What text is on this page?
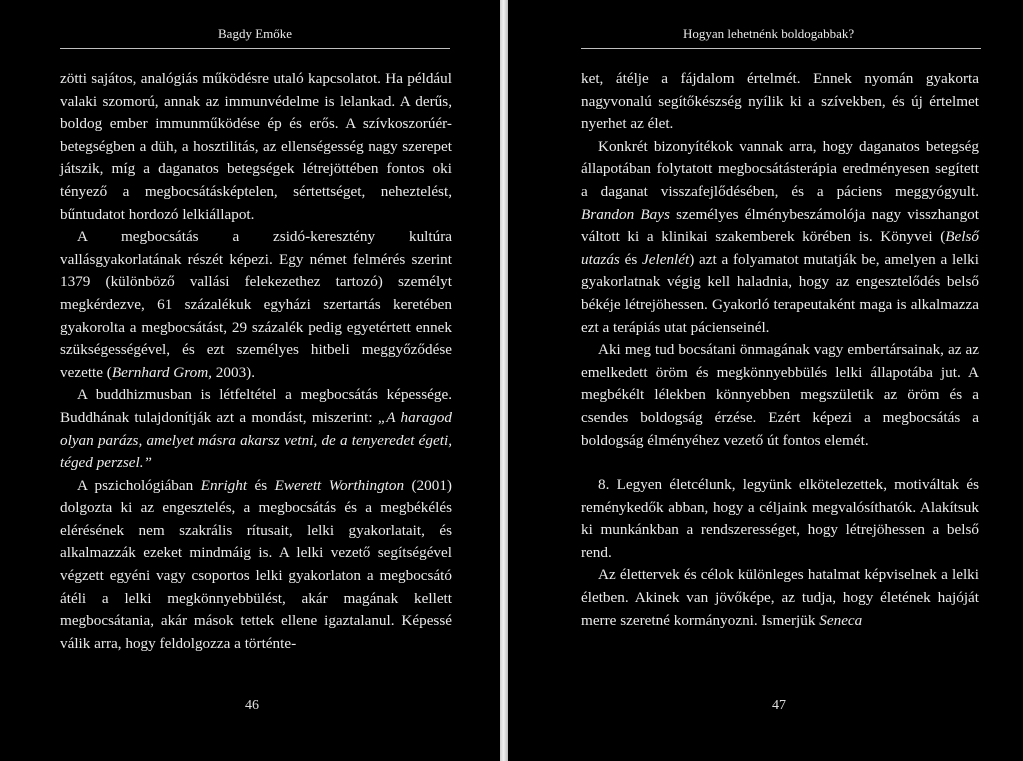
Bagdy Emőke

zötti sajátos, analógiás működésre utaló kapcsolatot. Ha például valaki szomorú, annak az immunvédelme is lelankad. A derűs, boldog ember immunműködése ép és erős. A szívkoszorúér-betegségben a düh, a hosztilitás, az ellenségesség nagy szerepet játszik, míg a daganatos betegségek létrejöttében fontos oki tényező a megbocsátásképtelen, sértettséget, neheztelést, bűntudatot hordozó lelkiállapot.

A megbocsátás a zsidó-keresztény kultúra vallásgyakorlatának részét képezi. Egy német felmérés szerint 1379 (különböző vallási felekezethez tartozó) személyt megkérdezve, 61 százalékuk egyházi szertartás keretében gyakorolta a megbocsátást, 29 százalék pedig egyetértett ennek szükségességével, és ezt személyes hitbeli meggyőződése vezette (Bernhard Grom, 2003).

A buddhizmusban is létfeltétel a megbocsátás képessége. Buddhának tulajdonítják azt a mondást, miszerint: „A haragod olyan parázs, amelyet másra akarsz vetni, de a tenyeredet égeti, téged perzsel.”

A pszichológiában Enright és Ewerett Worthington (2001) dolgozta ki az engesztelés, a megbocsátás és a megbékélés elérésének nem szakrális rítusait, lelki gyakorlatait, és alkalmazzák ezeket mindmáig is. A lelki vezető segítségével végzett egyéni vagy csoportos lelki gyakorlaton a megbocsátó átéli a lelki megkönnyebbülést, akár magának kellett megbocsátania, akár mások tettek ellene igaztalanul. Képessé válik arra, hogy feldolgozza a történte-

46
Hogyan lehetnénk boldogabbak?

ket, átélje a fájdalom értelmét. Ennek nyomán gyakorta nagyvonalú segítőkészség nyílik ki a szívekben, és új értelmet nyerhet az élet.

Konkrét bizonyítékok vannak arra, hogy daganatos betegség állapotában folytatott megbocsátásterápia eredményesen segített a daganat visszafejlődésében, és a páciens meggyógyult. Brandon Bays személyes élménybeszámolója nagy visszhangot váltott ki a klinikai szakemberek körében is. Könyvei (Belső utazás és Jelenlét) azt a folyamatot mutatják be, amelyen a lelki gyakorlatnak végig kell haladnia, hogy az engesztelődés belső békéje létrejöhessen. Gyakorló terapeutaként maga is alkalmazza ezt a terápiás utat pácienseinél.

Aki meg tud bocsátani önmagának vagy embertársainak, az az emelkedett öröm és megkönnyebbülés lelki állapotába jut. A megbékélt lélekben könnyebben megszületik az öröm és a csendes boldogság érzése. Ezért képezi a megbocsátás a boldogság élményéhez vezető út fontos elemét.

8. Legyen életcélunk, legyünk elkötelezettek, motiváltak és reménykedők abban, hogy a céljaink megvalósíthatók. Alakítsuk ki munkánkban a rendszerességet, hogy létrejöhessen a belső rend.

Az élettervek és célok különleges hatalmat képviselnek a lelki életben. Akinek van jövőképe, az tudja, hogy életének hajóját merre szeretné kormányozni. Ismerjük Seneca

47
